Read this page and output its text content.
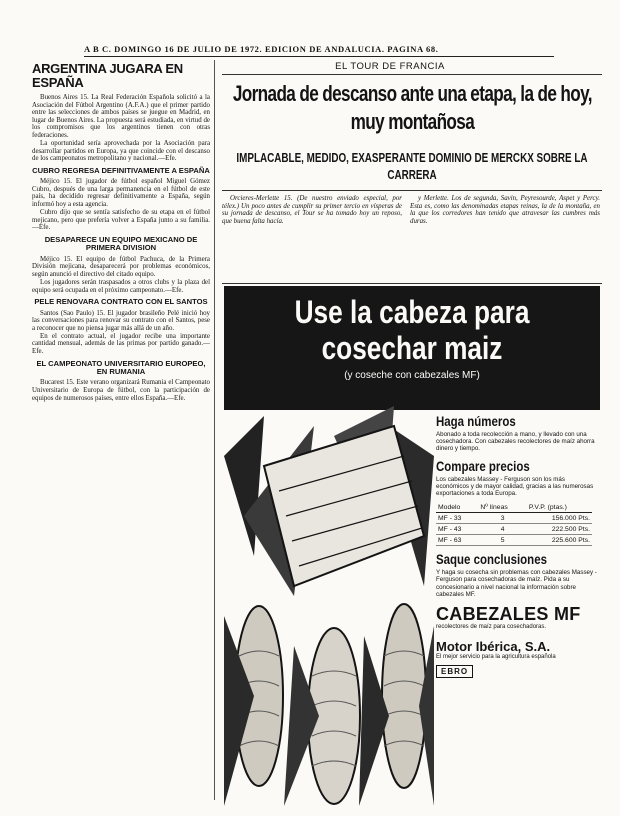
A B C. DOMINGO 16 DE JULIO DE 1972. EDICION DE ANDALUCIA. PAGINA 68.
ARGENTINA JUGARA EN ESPAÑA

Buenos Aires 15. La Real Federación Española solicitó a la Asociación del Fútbol Argentino (A.F.A.) que el primer partido entre las selecciones de ambos países se juegue en Madrid, en lugar de Buenos Aires. La propuesta será estudiada, en virtud de los compromisos que los argentinos tienen con otras federaciones.

La oportunidad sería aprovechada por la Asociación para desarrollar partidos en Europa, ya que coincide con el descanso de los campeonatos metropolitano y nacional.—Efe.

CUBRO REGRESA DEFINITIVAMENTE A ESPAÑA

Méjico 15. El jugador de fútbol español Miguel Gómez Cubro, después de una larga permanencia en el fútbol de este país, ha decidido regresar definitivamente a España, según informó hoy a esta agencia.

Cubro dijo que se sentía satisfecho de su etapa en el fútbol mejicano, pero que prefería volver a España junto a su familia.—Efe.

DESAPARECE UN EQUIPO MEXICANO DE PRIMERA DIVISION

Méjico 15. El equipo de fútbol Pachuca, de la Primera División mejicana, desaparecerá por problemas económicos, según anunció el directivo del citado equipo.

Los jugadores serán traspasados a otros clubs y la plaza del equipo será ocupada en el próximo campeonato.—Efe.

PELE RENOVARA CONTRATO CON EL SANTOS

Santos (Sao Paulo) 15. El jugador brasileño Pelé inició hoy las conversaciones para renovar su contrato con el Santos, pese a reconocer que no piensa jugar más allá de un año.

En el contrato actual, el jugador recibe una importante cantidad mensual, además de las primas por partido ganado.—Efe.

EL CAMPEONATO UNIVERSITARIO EUROPEO, EN RUMANIA

Bucarest 15. Este verano organizará Rumania el Campeonato Universitario de Europa de fútbol, con la participación de equipos de numerosos países, entre ellos España.—Efe.

EL TOUR DE FRANCIA
Jornada de descanso ante una etapa, la de hoy, muy montañosa
IMPLACABLE, MEDIDO, EXASPERANTE DOMINIO DE MERCKX SOBRE LA CARRERA

Orcieres-Merlette 15. (De nuestro enviado especial, por télex.) Un poco antes de cumplir su primer tercio en vísperas de su jornada de descanso, el Tour se ha tomado hoy un reposo, que buena falta hacía.

y Merlette. Los de segunda, Savin, Peyresourde, Aspet y Percy. Esta es, como las denominadas etapas reinas, la de la montaña, en la que los corredores han tenido que atravesar las cumbres más duras.

Use la cabeza para cosechar maiz
(y coseche con cabezales MF)
Haga números

Abonado a toda recolección a mano, y llevado con una cosechadora. Con cabezales recolectores de maíz ahorra dinero y tiempo.

Compare precios

Los cabezales Massey - Ferguson son los más económicos y de mayor calidad, gracias a las numerosas exportaciones a toda Europa.

Modelo	Nº líneas	P.V.P. (ptas.)
MF - 33	3	156.000 Pts.
MF - 43	4	222.500 Pts.
MF - 63	5	225.600 Pts.
Saque conclusiones

Y haga su cosecha sin problemas con cabezales Massey - Ferguson para cosechadoras de maíz. Pida a su concesionario a nivel nacional la información sobre cabezales MF.

CABEZALES MF
recolectores de maíz para cosechadoras.
Motor Ibérica, S.A.
El mejor servicio para la agricultura española
EBRO
